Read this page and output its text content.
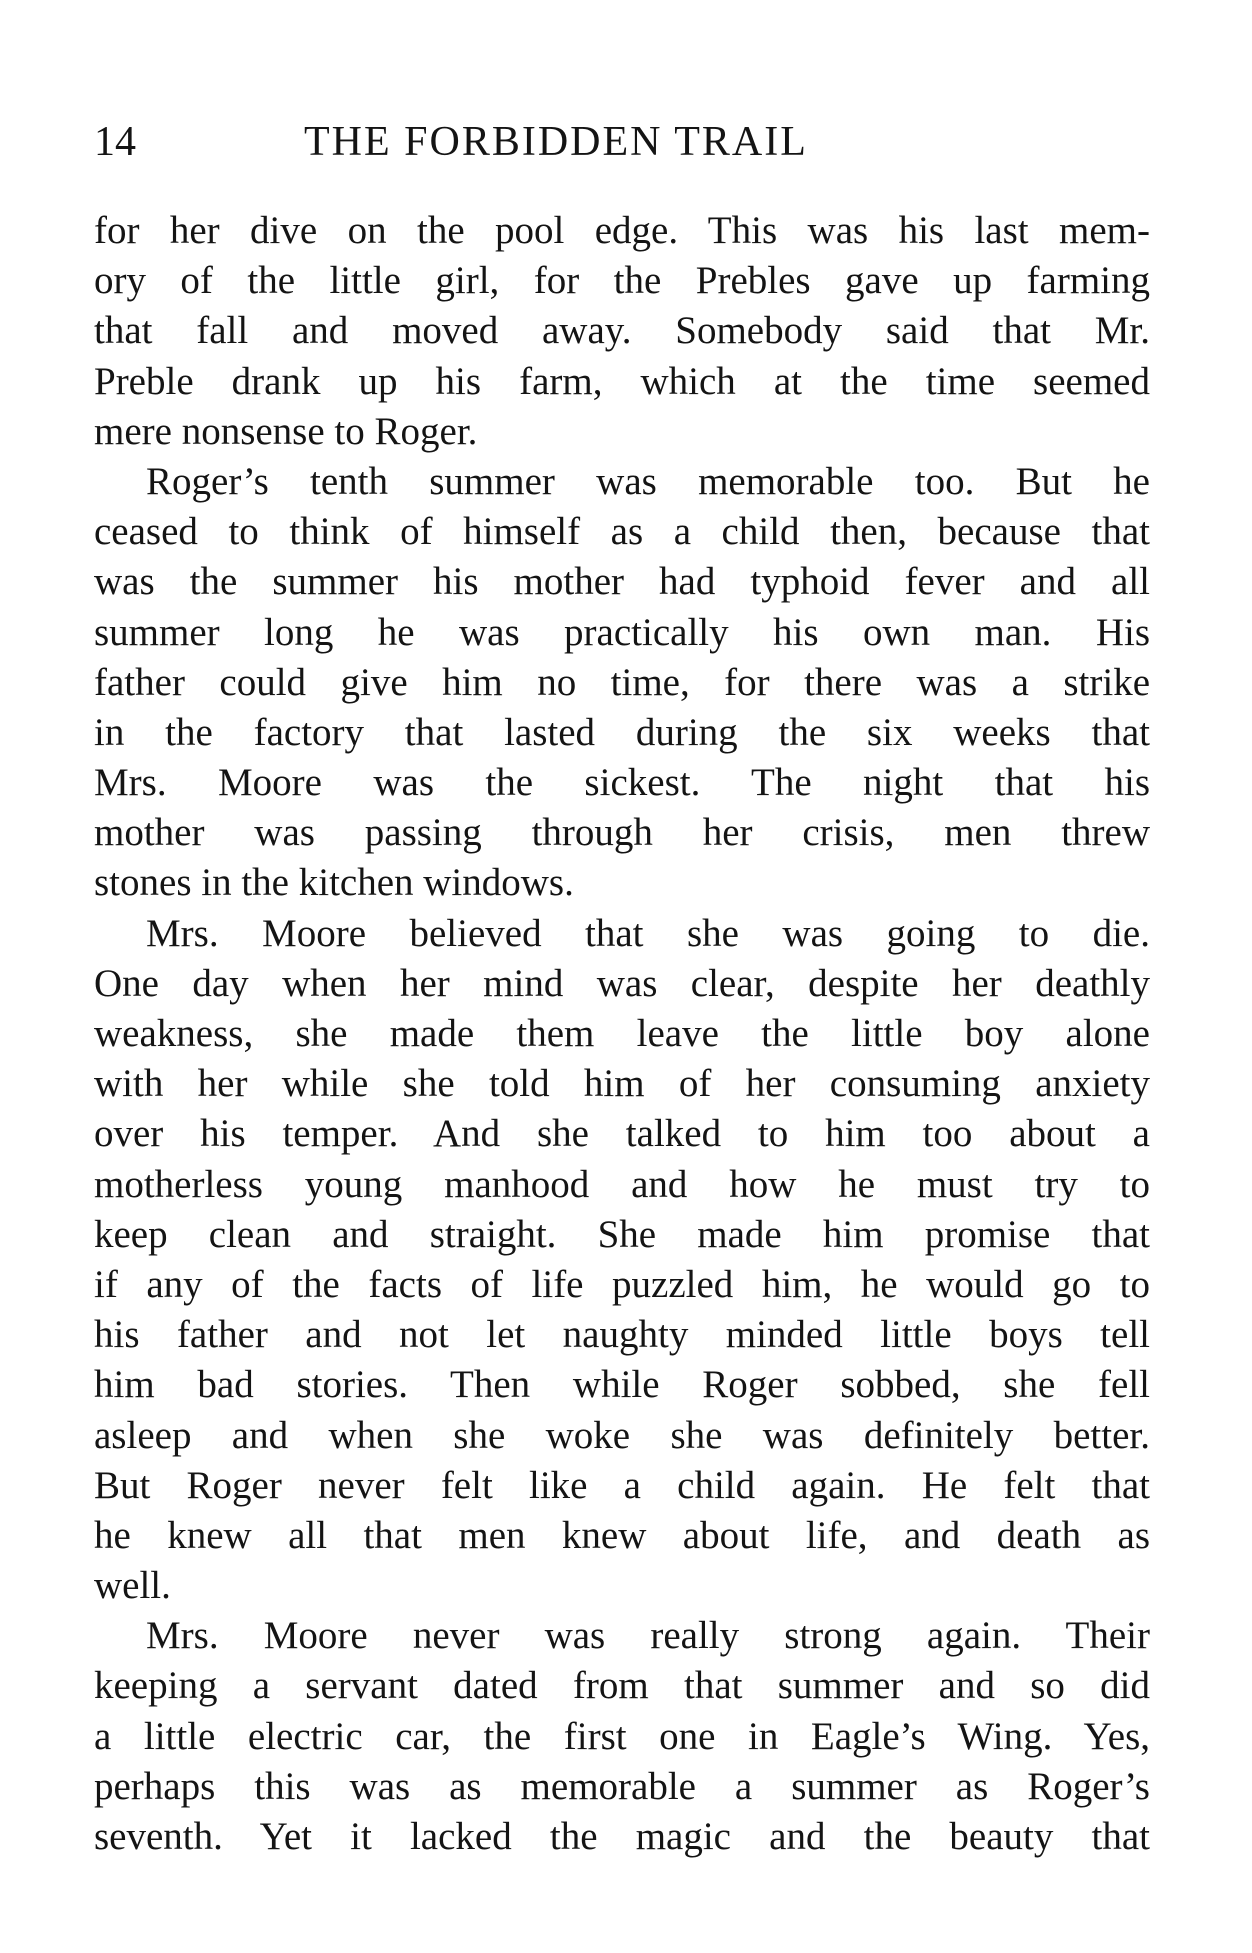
14	THE FORBIDDEN TRAIL
for her dive on the pool edge. This was his last mem-
ory of the little girl, for the Prebles gave up farming
that fall and moved away. Somebody said that Mr.
Preble drank up his farm, which at the time seemed
mere nonsense to Roger.
Roger’s tenth summer was memorable too. But he
ceased to think of himself as a child then, because that
was the summer his mother had typhoid fever and all
summer long he was practically his own man. His
father could give him no time, for there was a strike
in the factory that lasted during the six weeks that
Mrs. Moore was the sickest. The night that his
mother was passing through her crisis, men threw
stones in the kitchen windows.
Mrs. Moore believed that she was going to die.
One day when her mind was clear, despite her deathly
weakness, she made them leave the little boy alone
with her while she told him of her consuming anxiety
over his temper. And she talked to him too about a
motherless young manhood and how he must try to
keep clean and straight. She made him promise that
if any of the facts of life puzzled him, he would go to
his father and not let naughty minded little boys tell
him bad stories. Then while Roger sobbed, she fell
asleep and when she woke she was definitely better.
But Roger never felt like a child again. He felt that
he knew all that men knew about life, and death as
well.
Mrs. Moore never was really strong again. Their
keeping a servant dated from that summer and so did
a little electric car, the first one in Eagle’s Wing. Yes,
perhaps this was as memorable a summer as Roger’s
seventh. Yet it lacked the magic and the beauty that
